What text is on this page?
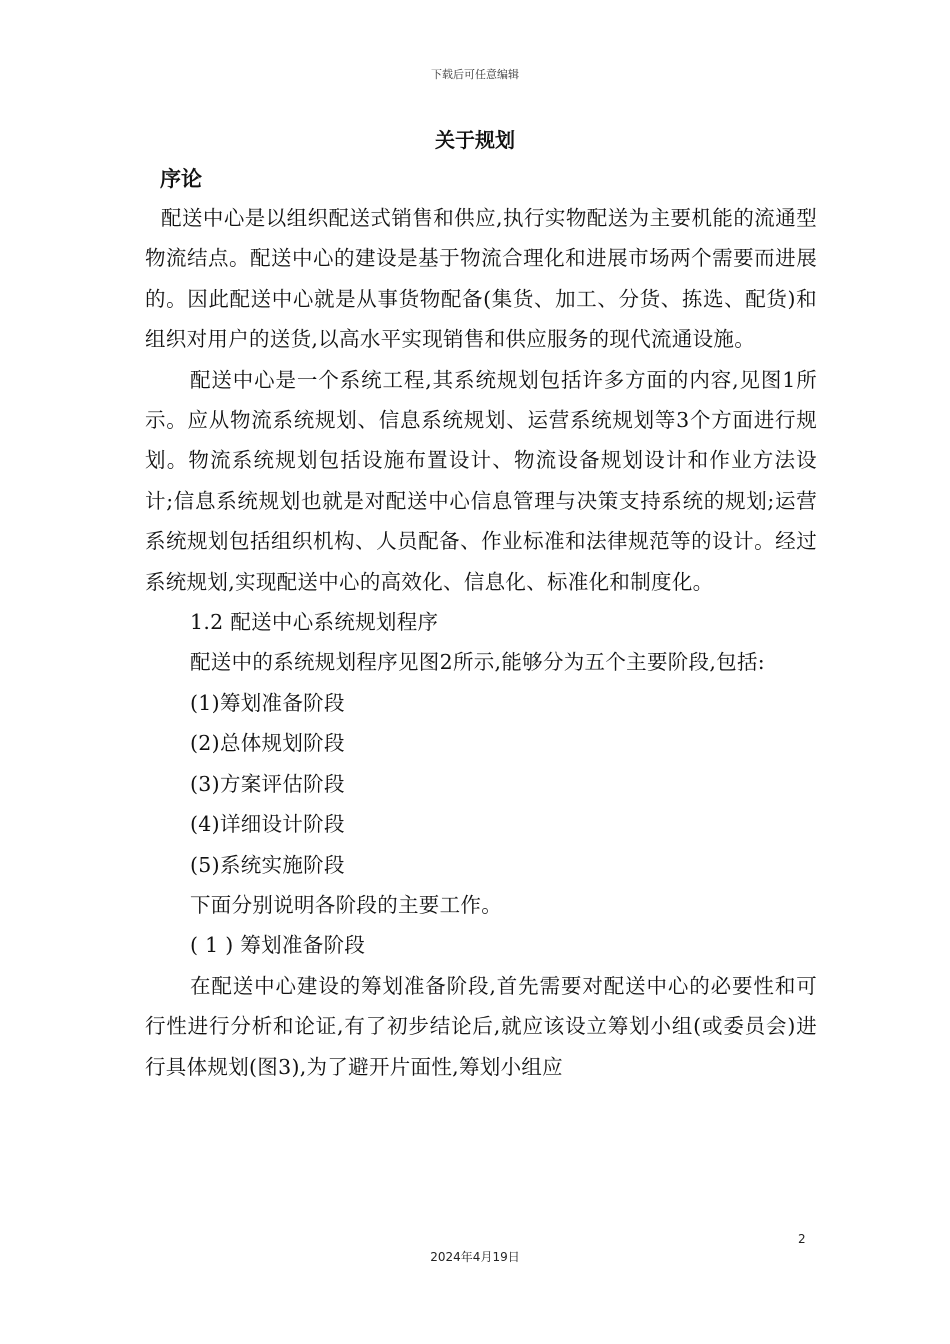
下载后可任意编辑
关于规划
序论

配送中心是以组织配送式销售和供应,执行实物配送为主要机能的流通型物流结点。配送中心的建设是基于物流合理化和进展市场两个需要而进展的。因此配送中心就是从事货物配备(集货、加工、分货、拣选、配货)和组织对用户的送货,以高水平实现销售和供应服务的现代流通设施。

配送中心是一个系统工程,其系统规划包括许多方面的内容,见图1所示。应从物流系统规划、信息系统规划、运营系统规划等3个方面进行规划。物流系统规划包括设施布置设计、物流设备规划设计和作业方法设计;信息系统规划也就是对配送中心信息管理与决策支持系统的规划;运营系统规划包括组织机构、人员配备、作业标准和法律规范等的设计。经过系统规划,实现配送中心的高效化、信息化、标准化和制度化。

1.2 配送中心系统规划程序

配送中的系统规划程序见图2所示,能够分为五个主要阶段,包括:

(1)筹划准备阶段

(2)总体规划阶段

(3)方案评估阶段

(4)详细设计阶段

(5)系统实施阶段

下面分别说明各阶段的主要工作。

( 1 ) 筹划准备阶段

在配送中心建设的筹划准备阶段,首先需要对配送中心的必要性和可行性进行分析和论证,有了初步结论后,就应该设立筹划小组(或委员会)进行具体规划(图3),为了避开片面性,筹划小组应

2
2024年4月19日
